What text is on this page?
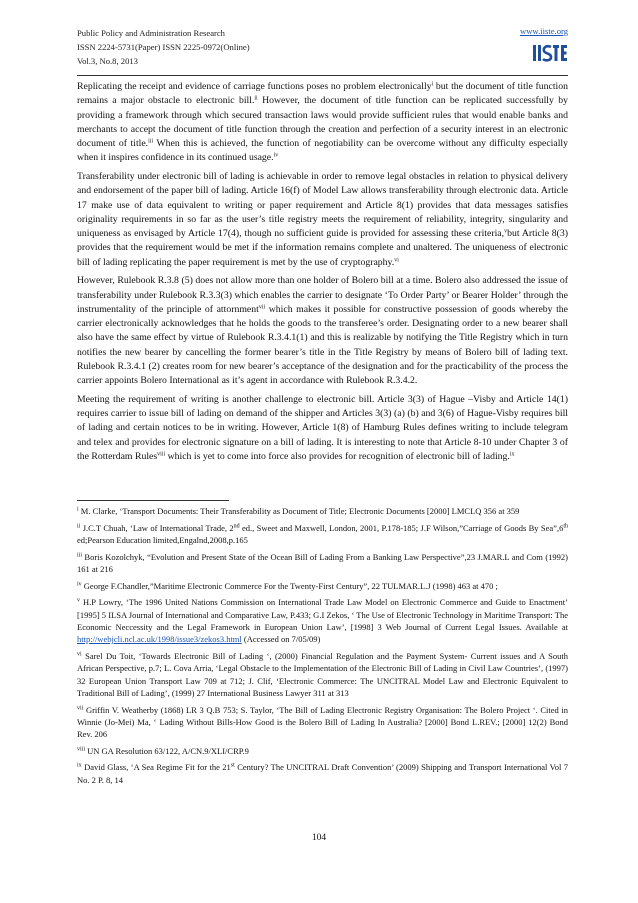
Public Policy and Administration Research
ISSN 2224-5731(Paper) ISSN 2225-0972(Online)
Vol.3, No.8, 2013
www.iiste.org

Replicating the receipt and evidence of carriage functions poses no problem electronically$^i$ but the document of title function remains a major obstacle to electronic bill.$^{ii}$ However, the document of title function can be replicated successfully by providing a framework through which secured transaction laws would provide sufficient rules that would enable banks and merchants to accept the document of title function through the creation and perfection of a security interest in an electronic document of title.$^{iii}$ When this is achieved, the function of negotiability can be overcome without any difficulty especially when it inspires confidence in its continued usage.$^{iv}$

Transferability under electronic bill of lading is achievable in order to remove legal obstacles in relation to physical delivery and endorsement of the paper bill of lading. Article 16(f) of Model Law allows transferability through electronic data. Article 17 make use of data equivalent to writing or paper requirement and Article 8(1) provides that data messages satisfies originality requirements in so far as the user’s title registry meets the requirement of reliability, integrity, singularity and uniqueness as envisaged by Article 17(4), though no sufficient guide is provided for assessing these criteria,$^v$but Article 8(3) provides that the requirement would be met if the information remains complete and unaltered. The uniqueness of electronic bill of lading replicating the paper requirement is met by the use of cryptography.$^{vi}$

However, Rulebook R.3.8 (5) does not allow more than one holder of Bolero bill at a time. Bolero also addressed the issue of transferability under Rulebook R.3.3(3) which enables the carrier to designate ‘To Order Party’ or Bearer Holder’ through the instrumentality of the principle of attornment$^{vii}$ which makes it possible for constructive possession of goods whereby the carrier electronically acknowledges that he holds the goods to the transferee’s order. Designating order to a new bearer shall also have the same effect by virtue of Rulebook R.3.4.1(1) and this is realizable by notifying the Title Registry which in turn notifies the new bearer by cancelling the former bearer’s title in the Title Registry by means of Bolero bill of lading text. Rulebook R.3.4.1 (2) creates room for new bearer’s acceptance of the designation and for the practicability of the process the carrier appoints Bolero International as it’s agent in accordance with Rulebook R.3.4.2.

Meeting the requirement of writing is another challenge to electronic bill. Article 3(3) of Hague –Visby and Article 14(1) requires carrier to issue bill of lading on demand of the shipper and Articles 3(3) (a) (b) and 3(6) of Hague-Visby requires bill of lading and certain notices to be in writing. However, Article 1(8) of Hamburg Rules defines writing to include telegram and telex and provides for electronic signature on a bill of lading. It is interesting to note that Article 8-10 under Chapter 3 of the Rotterdam Rules$^{viii}$ which is yet to come into force also provides for recognition of electronic bill of lading.$^{ix}$

$^i$ M. Clarke, ‘Transport Documents: Their Transferability as Document of Title; Electronic Documents [2000] LMCLQ 356 at 359

$^{ii}$ J.C.T Chuah, ‘Law of International Trade, 2nd ed., Sweet and Maxwell, London, 2001, P.178-185; J.F Wilson,”Carriage of Goods By Sea”,6th ed;Pearson Education limited,Engalnd,2008,p.165

$^{iii}$ Boris Kozolchyk, “Evolution and Present State of the Ocean Bill of Lading From a Banking Law Perspective”,23 J.MAR.L and Com (1992) 161 at 216

$^{iv}$ George F.Chandler,”Maritime Electronic Commerce For the Twenty-First Century”, 22 TULMAR.L.J (1998) 463 at 470 ;

$^v$ H.P Lowry, ‘The 1996 United Nations Commission on International Trade Law Model on Electronic Commerce and Guide to Enactment’ [1995] 5 ILSA Journal of International and Comparative Law, P.433; G.I Zekos, ‘ The Use of Electronic Technology in Maritime Transport: The Economic Neccessity and the Legal Framework in European Union Law’, [1998] 3 Web Journal of Current Legal Issues. Available at http://webjcli.ncl.ac.uk/1998/issue3/zekos3.html (Accessed on 7/05/09)

$^{vi}$ Sarel Du Toit, ‘Towards Electronic Bill of Lading ‘, (2000) Financial Regulation and the Payment System- Current issues and A South African Perspective, p.7; L. Cova Arria, ‘Legal Obstacle to the Implementation of the Electronic Bill of Lading in Civil Law Countries’, (1997) 32 European Union Transport Law 709 at 712; J. Clif, ‘Electronic Commerce: The UNCITRAL Model Law and Electronic Equivalent to Traditional Bill of Lading’, (1999) 27 International Business Lawyer 311 at 313

$^{vii}$ Griffin V. Weatherby (1868) LR 3 Q.B 753; S. Taylor, ‘The Bill of Lading Electronic Registry Organisation: The Bolero Project ‘. Cited in Winnie (Jo-Mei) Ma, ‘ Lading Without Bills-How Good is the Bolero Bill of Lading In Australia? [2000] Bond L.REV.; [2000] 12(2) Bond Rev. 206

$^{viii}$ UN GA Resolution 63/122, A/CN.9/XLI/CRP.9

$^{ix}$ David Glass, ‘A Sea Regime Fit for the 21st Century? The UNCITRAL Draft Convention’ (2009) Shipping and Transport International Vol 7 No. 2 P. 8, 14

104
